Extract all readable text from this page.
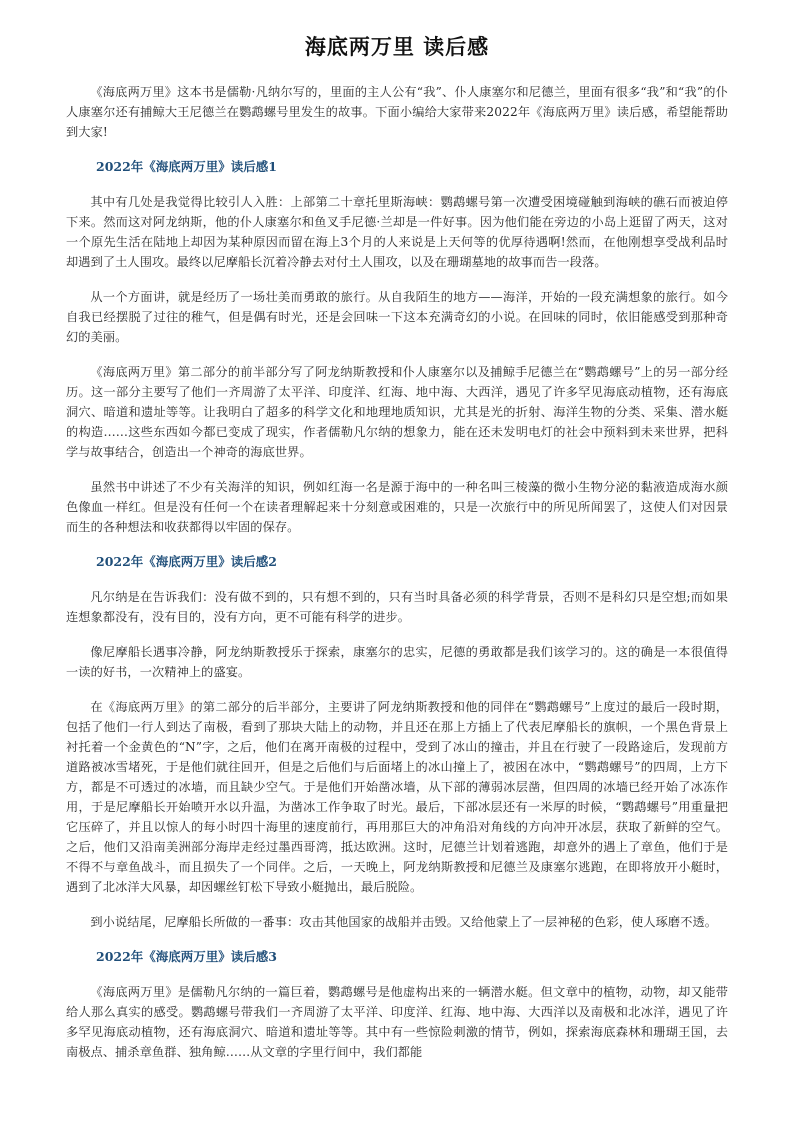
海底两万里 读后感

《海底两万里》这本书是儒勒·凡纳尔写的，里面的主人公有“我”、仆人康塞尔和尼德兰，里面有很多“我”和“我”的仆人康塞尔还有捕鲸大王尼德兰在鹦鹉螺号里发生的故事。下面小编给大家带来2022年《海底两万里》读后感，希望能帮助到大家!

2022年《海底两万里》读后感1

其中有几处是我觉得比较引人入胜：上部第二十章托里斯海峡：鹦鹉螺号第一次遭受困境碰触到海峡的礁石而被迫停下来。然而这对阿龙纳斯，他的仆人康塞尔和鱼叉手尼德·兰却是一件好事。因为他们能在旁边的小岛上逛留了两天，这对一个原先生活在陆地上却因为某种原因而留在海上3个月的人来说是上天何等的优厚待遇啊!然而，在他刚想享受战利品时却遇到了土人围攻。最终以尼摩船长沉着冷静去对付土人围攻，以及在珊瑚墓地的故事而告一段落。

从一个方面讲，就是经历了一场壮美而勇敢的旅行。从自我陌生的地方——海洋，开始的一段充满想象的旅行。如今自我已经摆脱了过往的稚气，但是偶有时光，还是会回味一下这本充满奇幻的小说。在回味的同时，依旧能感受到那种奇幻的美丽。

《海底两万里》第二部分的前半部分写了阿龙纳斯教授和仆人康塞尔以及捕鲸手尼德兰在“鹦鹉螺号”上的另一部分经历。这一部分主要写了他们一齐周游了太平洋、印度洋、红海、地中海、大西洋，遇见了许多罕见海底动植物，还有海底洞穴、暗道和遗址等等。让我明白了超多的科学文化和地理地质知识，尤其是光的折射、海洋生物的分类、采集、潜水艇的构造……这些东西如今都已变成了现实，作者儒勒凡尔纳的想象力，能在还未发明电灯的社会中预料到未来世界，把科学与故事结合，创造出一个神奇的海底世界。

虽然书中讲述了不少有关海洋的知识，例如红海一名是源于海中的一种名叫三棱藻的微小生物分泌的黏液造成海水颜色像血一样红。但是没有任何一个在读者理解起来十分刻意或困难的，只是一次旅行中的所见所闻罢了，这使人们对因景而生的各种想法和收获都得以牢固的保存。

2022年《海底两万里》读后感2

凡尔纳是在告诉我们：没有做不到的，只有想不到的，只有当时具备必须的科学背景，否则不是科幻只是空想;而如果连想象都没有，没有目的，没有方向，更不可能有科学的进步。

像尼摩船长遇事冷静，阿龙纳斯教授乐于探索，康塞尔的忠实，尼德的勇敢都是我们该学习的。这的确是一本很值得一读的好书，一次精神上的盛宴。

在《海底两万里》的第二部分的后半部分，主要讲了阿龙纳斯教授和他的同伴在“鹦鹉螺号”上度过的最后一段时期，包括了他们一行人到达了南极，看到了那块大陆上的动物，并且还在那上方插上了代表尼摩船长的旗帜，一个黑色背景上衬托着一个金黄色的“N”字，之后，他们在离开南极的过程中，受到了冰山的撞击，并且在行驶了一段路途后，发现前方道路被冰雪堵死，于是他们就往回开，但是之后他们与后面堵上的冰山撞上了，被困在冰中，“鹦鹉螺号”的四周，上方下方，都是不可透过的冰墙，而且缺少空气。于是他们开始凿冰墙，从下部的薄弱冰层凿，但四周的冰墙已经开始了冰冻作用，于是尼摩船长开始喷开水以升温，为凿冰工作争取了时光。最后，下部冰层还有一米厚的时候，“鹦鹉螺号”用重量把它压碎了，并且以惊人的每小时四十海里的速度前行，再用那巨大的冲角沿对角线的方向冲开冰层，获取了新鲜的空气。之后，他们又沿南美洲部分海岸走经过墨西哥湾，抵达欧洲。这时，尼德兰计划着逃跑，却意外的遇上了章鱼，他们于是不得不与章鱼战斗，而且损失了一个同伴。之后，一天晚上，阿龙纳斯教授和尼德兰及康塞尔逃跑，在即将放开小艇时，遇到了北冰洋大风暴，却因螺丝钉松下导致小艇抛出，最后脱险。

到小说结尾，尼摩船长所做的一番事：攻击其他国家的战船并击毁。又给他蒙上了一层神秘的色彩，使人琢磨不透。

2022年《海底两万里》读后感3

《海底两万里》是儒勒凡尔纳的一篇巨着，鹦鹉螺号是他虚构出来的一辆潜水艇。但文章中的植物，动物，却又能带给人那么真实的感受。鹦鹉螺号带我们一齐周游了太平洋、印度洋、红海、地中海、大西洋以及南极和北冰洋，遇见了许多罕见海底动植物，还有海底洞穴、暗道和遗址等等。其中有一些惊险刺激的情节，例如，探索海底森林和珊瑚王国，去南极点、捕杀章鱼群、独角鲸……从文章的字里行间中，我们都能
